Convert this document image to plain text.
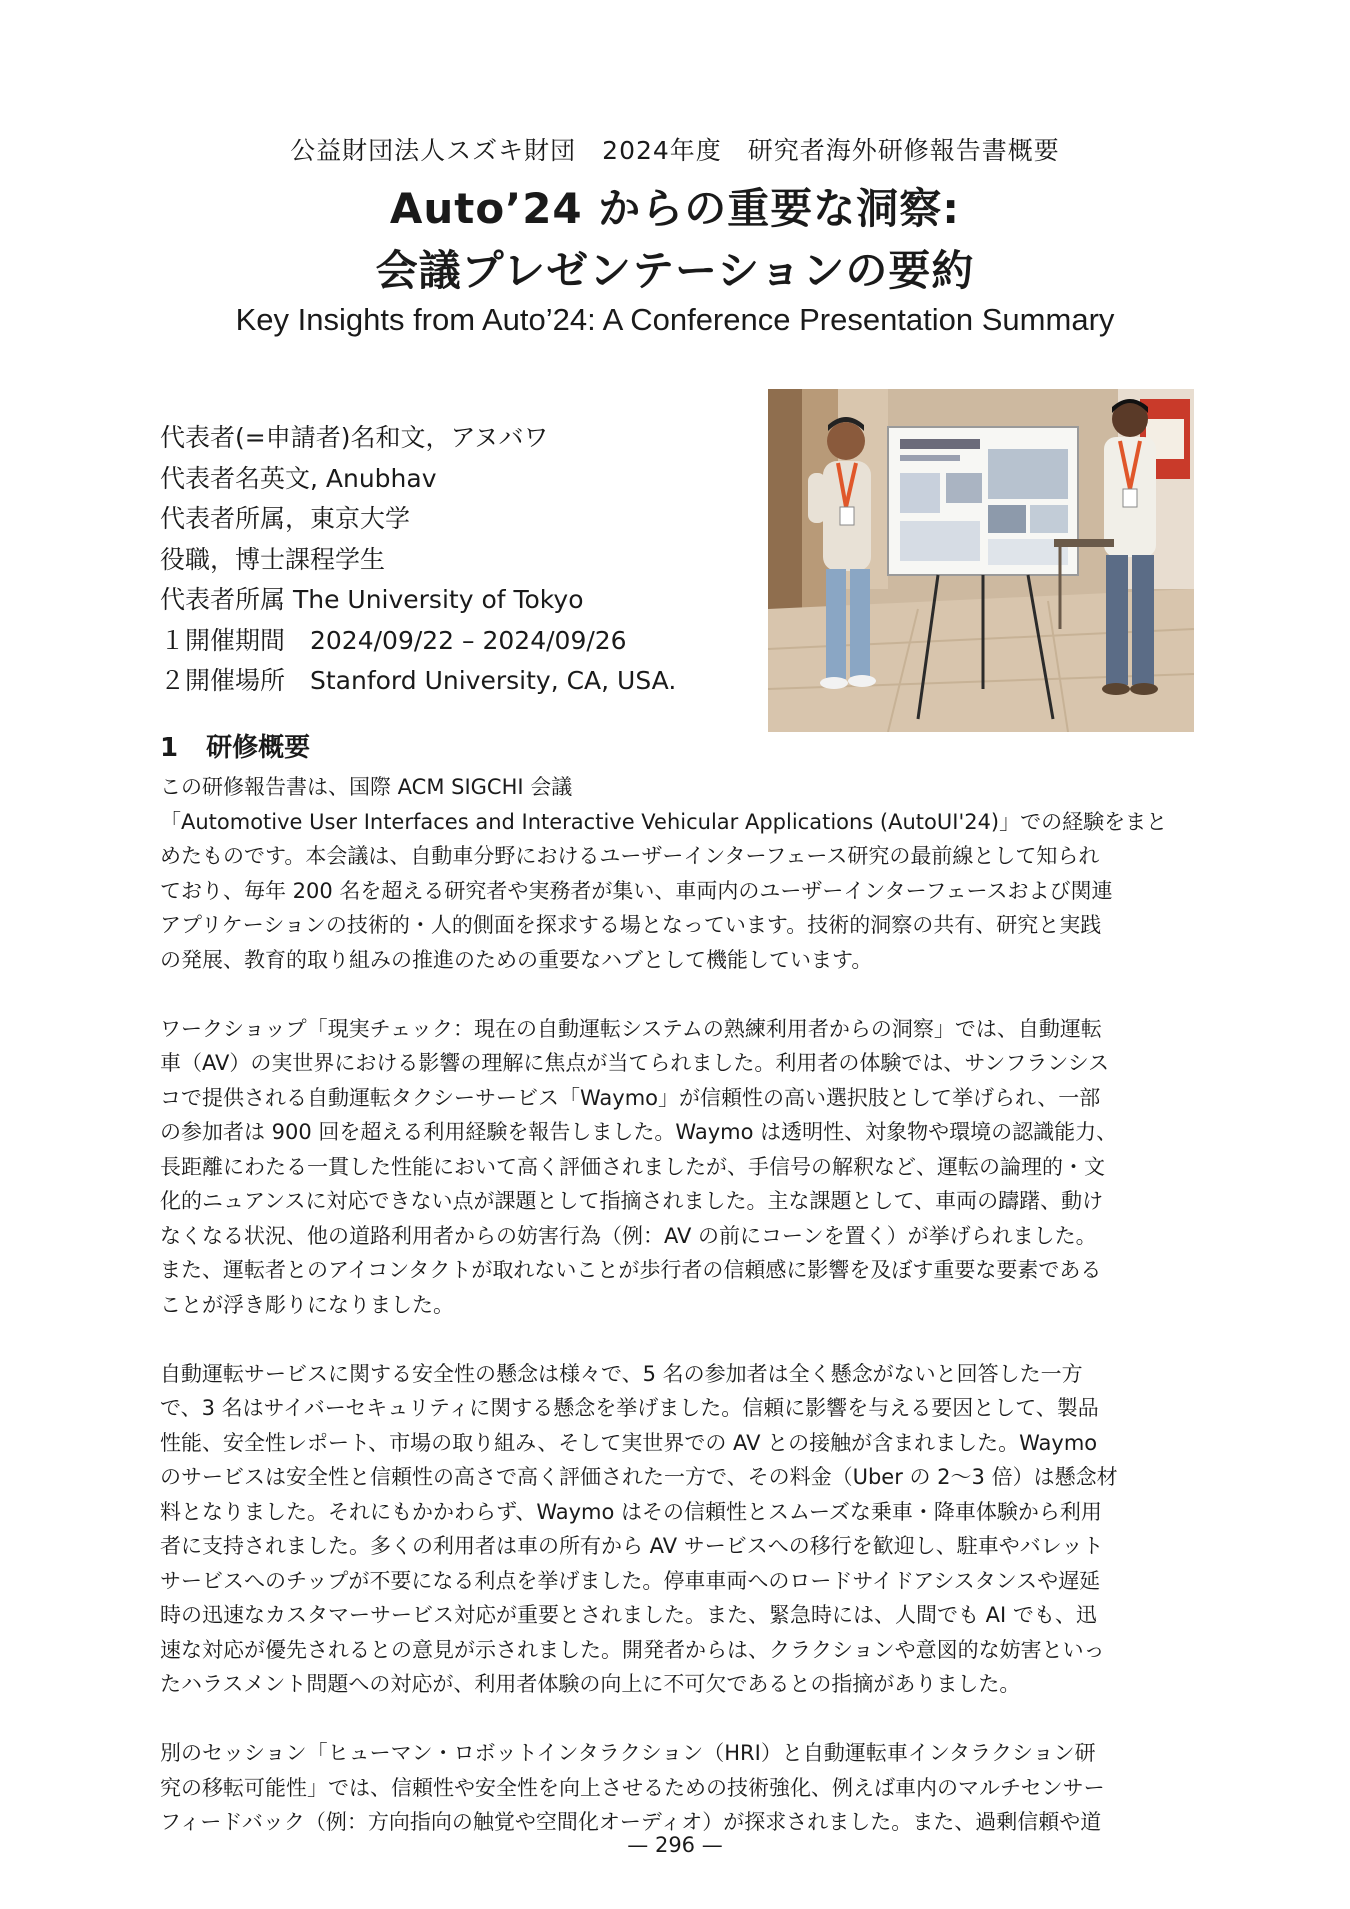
公益財団法人スズキ財団　2024年度　研究者海外研修報告書概要
Auto’24 からの重要な洞察:
会議プレゼンテーションの要約
Key Insights from Auto’24: A Conference Presentation Summary
代表者(=申請者)名和文，アヌバワ
代表者名英文, Anubhav
代表者所属，東京大学
役職，博士課程学生
代表者所属 The University of Tokyo
１開催期間　2024/09/22 – 2024/09/26
２開催場所　Stanford University, CA, USA.
1 研修概要
この研修報告書は、国際 ACM SIGCHI 会議
「Automotive User Interfaces and Interactive Vehicular Applications (AutoUI'24)」での経験をまと
めたものです。本会議は、自動車分野におけるユーザーインターフェース研究の最前線として知られ
ており、毎年 200 名を超える研究者や実務者が集い、車両内のユーザーインターフェースおよび関連
アプリケーションの技術的・人的側面を探求する場となっています。技術的洞察の共有、研究と実践
の発展、教育的取り組みの推進のための重要なハブとして機能しています。
ワークショップ「現実チェック：現在の自動運転システムの熟練利用者からの洞察」では、自動運転
車（AV）の実世界における影響の理解に焦点が当てられました。利用者の体験では、サンフランシス
コで提供される自動運転タクシーサービス「Waymo」が信頼性の高い選択肢として挙げられ、一部
の参加者は 900 回を超える利用経験を報告しました。Waymo は透明性、対象物や環境の認識能力、
長距離にわたる一貫した性能において高く評価されましたが、手信号の解釈など、運転の論理的・文
化的ニュアンスに対応できない点が課題として指摘されました。主な課題として、車両の躊躇、動け
なくなる状況、他の道路利用者からの妨害行為（例：AV の前にコーンを置く）が挙げられました。
また、運転者とのアイコンタクトが取れないことが歩行者の信頼感に影響を及ぼす重要な要素である
ことが浮き彫りになりました。
自動運転サービスに関する安全性の懸念は様々で、5 名の参加者は全く懸念がないと回答した一方
で、3 名はサイバーセキュリティに関する懸念を挙げました。信頼に影響を与える要因として、製品
性能、安全性レポート、市場の取り組み、そして実世界での AV との接触が含まれました。Waymo
のサービスは安全性と信頼性の高さで高く評価された一方で、その料金（Uber の 2〜3 倍）は懸念材
料となりました。それにもかかわらず、Waymo はその信頼性とスムーズな乗車・降車体験から利用
者に支持されました。多くの利用者は車の所有から AV サービスへの移行を歓迎し、駐車やバレット
サービスへのチップが不要になる利点を挙げました。停車車両へのロードサイドアシスタンスや遅延
時の迅速なカスタマーサービス対応が重要とされました。また、緊急時には、人間でも AI でも、迅
速な対応が優先されるとの意見が示されました。開発者からは、クラクションや意図的な妨害といっ
たハラスメント問題への対応が、利用者体験の向上に不可欠であるとの指摘がありました。
別のセッション「ヒューマン・ロボットインタラクション（HRI）と自動運転車インタラクション研
究の移転可能性」では、信頼性や安全性を向上させるための技術強化、例えば車内のマルチセンサー
フィードバック（例：方向指向の触覚や空間化オーディオ）が探求されました。また、過剰信頼や道
— 296 —
